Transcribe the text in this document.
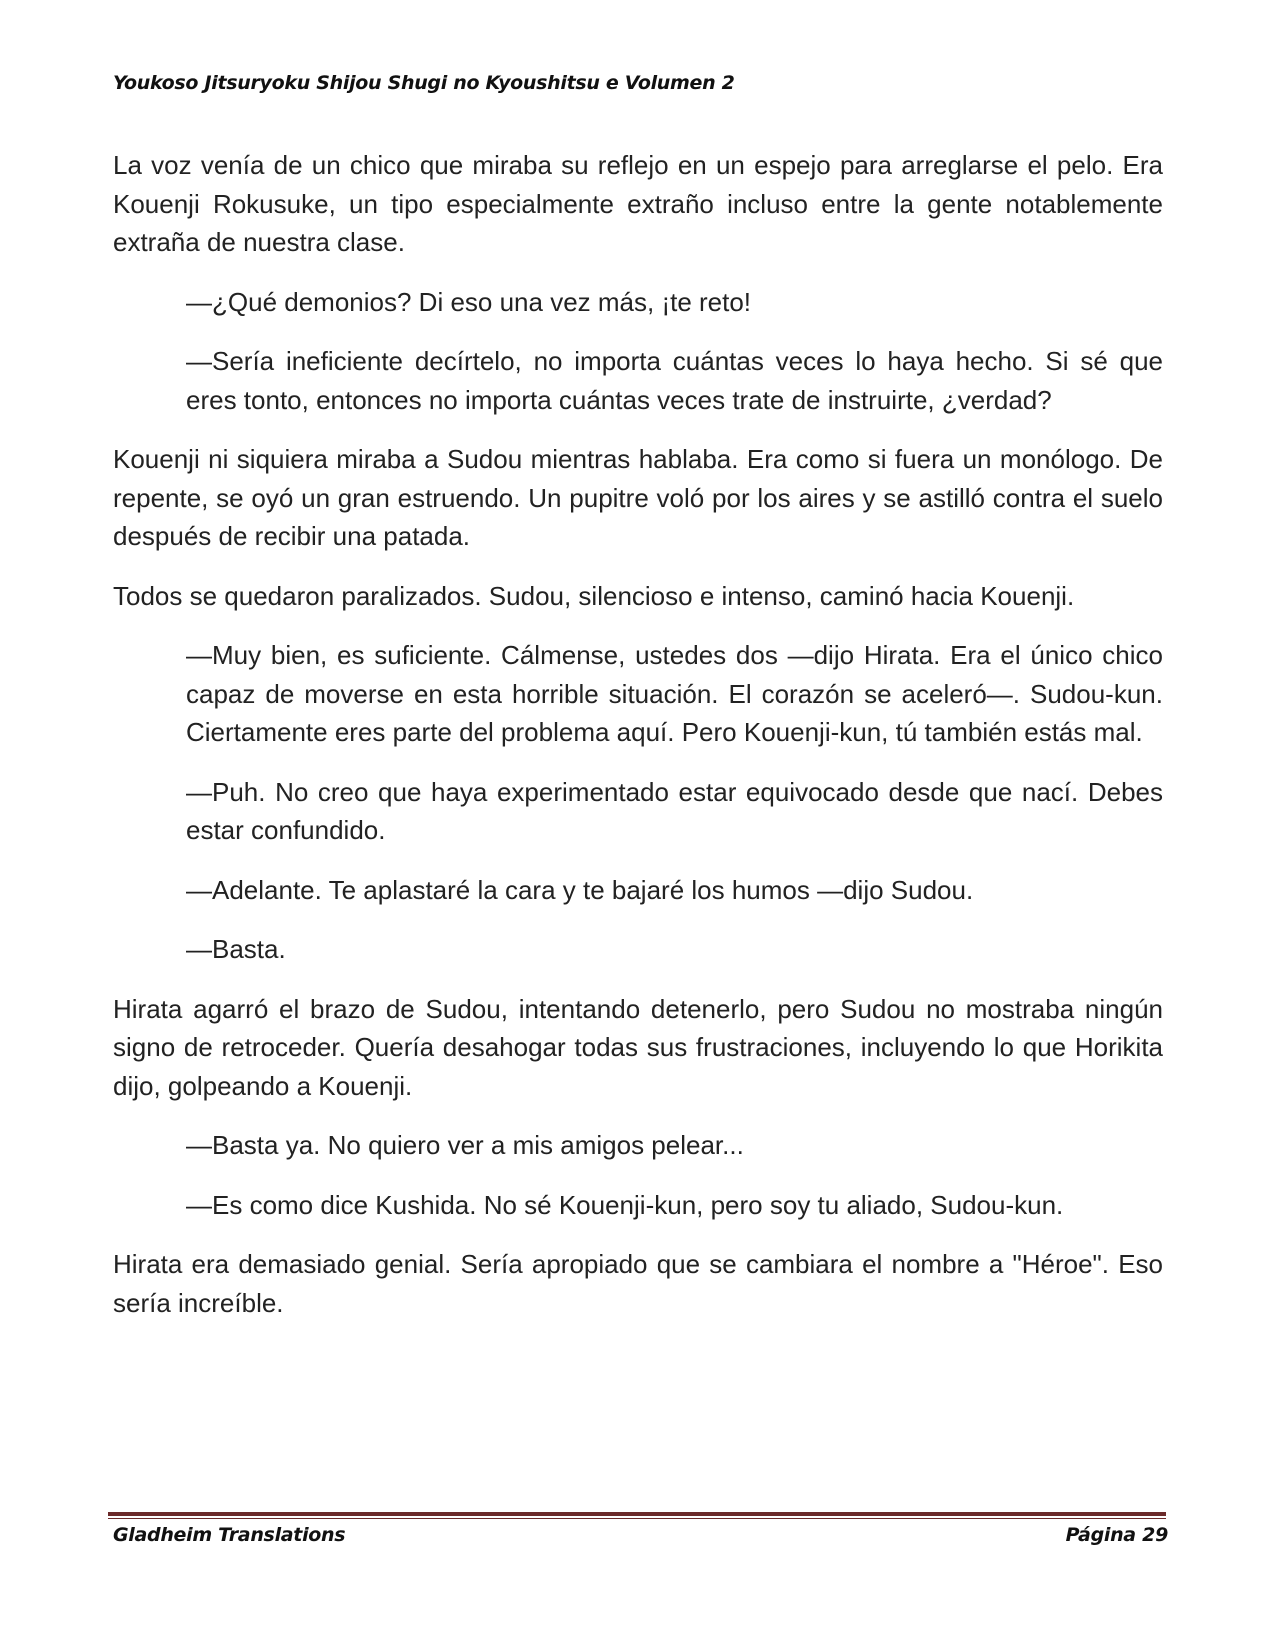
Youkoso Jitsuryoku Shijou Shugi no Kyoushitsu e Volumen 2

La voz venía de un chico que miraba su reflejo en un espejo para arreglarse el pelo. Era Kouenji Rokusuke, un tipo especialmente extraño incluso entre la gente notablemente extraña de nuestra clase.

—¿Qué demonios? Di eso una vez más, ¡te reto!

—Sería ineficiente decírtelo, no importa cuántas veces lo haya hecho. Si sé que eres tonto, entonces no importa cuántas veces trate de instruirte, ¿verdad?

Kouenji ni siquiera miraba a Sudou mientras hablaba. Era como si fuera un monólogo. De repente, se oyó un gran estruendo. Un pupitre voló por los aires y se astilló contra el suelo después de recibir una patada.

Todos se quedaron paralizados. Sudou, silencioso e intenso, caminó hacia Kouenji.

—Muy bien, es suficiente. Cálmense, ustedes dos —dijo Hirata. Era el único chico capaz de moverse en esta horrible situación. El corazón se aceleró—. Sudou-kun. Ciertamente eres parte del problema aquí. Pero Kouenji-kun, tú también estás mal.

—Puh. No creo que haya experimentado estar equivocado desde que nací. Debes estar confundido.

—Adelante. Te aplastaré la cara y te bajaré los humos —dijo Sudou.

—Basta.

Hirata agarró el brazo de Sudou, intentando detenerlo, pero Sudou no mostraba ningún signo de retroceder. Quería desahogar todas sus frustraciones, incluyendo lo que Horikita dijo, golpeando a Kouenji.

—Basta ya. No quiero ver a mis amigos pelear...

—Es como dice Kushida. No sé Kouenji-kun, pero soy tu aliado, Sudou-kun.

Hirata era demasiado genial. Sería apropiado que se cambiara el nombre a "Héroe". Eso sería increíble.

Gladheim Translations	Página 29
